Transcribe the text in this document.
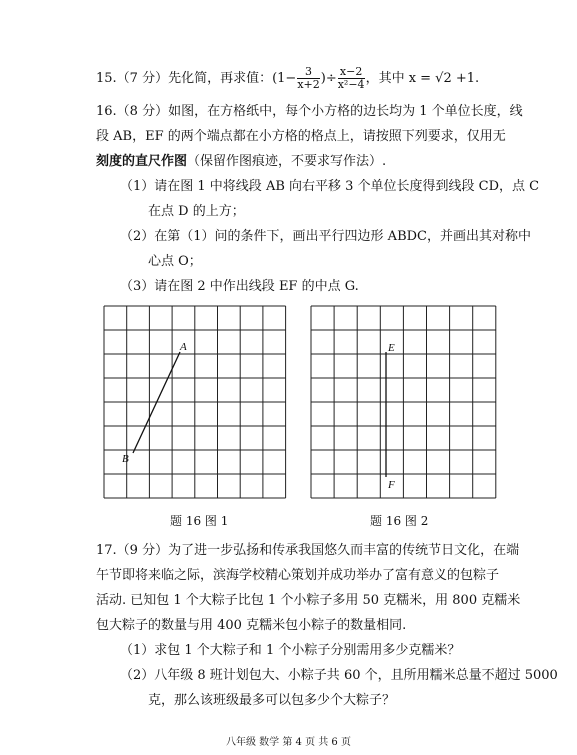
15.（7 分）先化简，再求值：($1- \frac{3}{x+2}$ )÷ $\frac{x-2}{\text{x²−4}}$ ，其中 x = √2 +1.
16.（8 分）如图，在方格纸中，每个小方格的边长均为 1 个单位长度，线
段 AB，EF 的两个端点都在小方格的格点上，请按照下列要求，仅用无
刻度的直尺作图（保留作图痕迹，不要求写作法）.
（1）请在图 1 中将线段 AB 向右平移 3 个单位长度得到线段 CD，点 C
在点 D 的上方；
（2）在第（1）问的条件下，画出平行四边形 ABDC，并画出其对称中
心点 O；
（3）请在图 2 中作出线段 EF 的中点 G.
A
B
题 16 图 1
E
F
题 16 图 2
17.（9 分）为了进一步弘扬和传承我国悠久而丰富的传统节日文化，在端
午节即将来临之际，滨海学校精心策划并成功举办了富有意义的包粽子
活动. 已知包 1 个大粽子比包 1 个小粽子多用 50 克糯米，用 800 克糯米
包大粽子的数量与用 400 克糯米包小粽子的数量相同.
（1）求包 1 个大粽子和 1 个小粽子分别需用多少克糯米？
（2）八年级 8 班计划包大、小粽子共 60 个，且所用糯米总量不超过 5000
克，那么该班级最多可以包多少个大粽子？
八年级 数学 第 4 页 共 6 页
